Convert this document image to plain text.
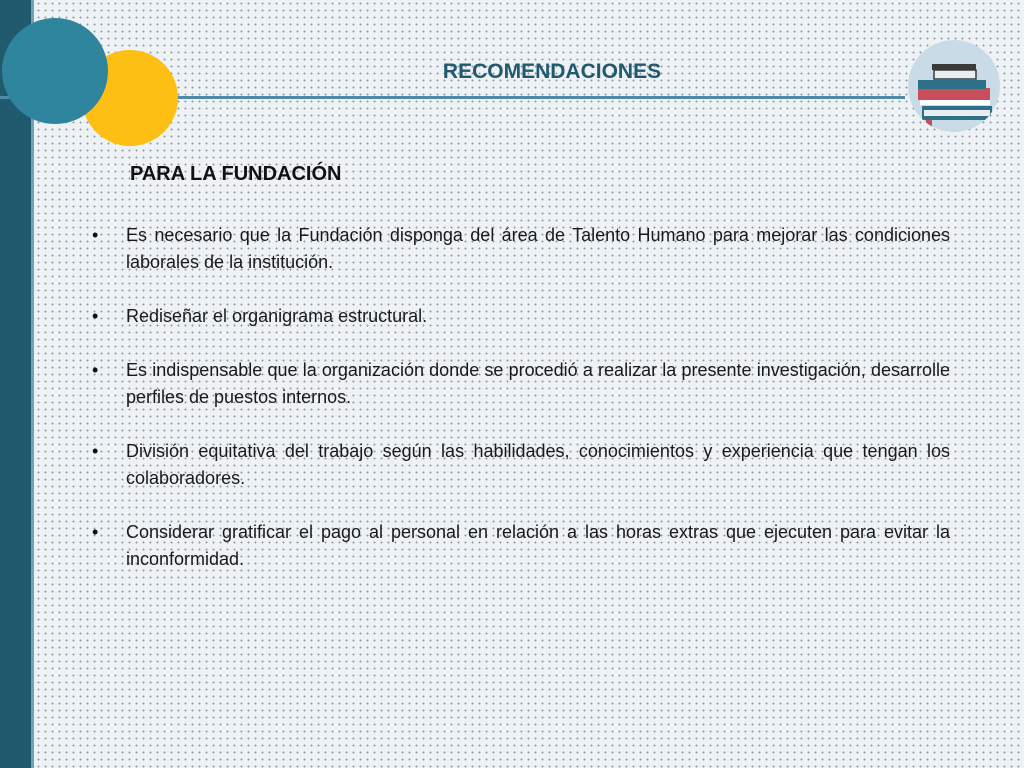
RECOMENDACIONES
PARA LA FUNDACIÓN
•	Es necesario que la Fundación disponga del área de Talento Humano para mejorar las condiciones laborales de la institución.
•	Rediseñar el organigrama estructural.
•	Es indispensable que la organización donde se procedió a realizar la presente investigación, desarrolle perfiles de puestos internos.
•	División equitativa del trabajo según las habilidades, conocimientos y experiencia que tengan los colaboradores.
•	Considerar gratificar el pago al personal en relación a las horas extras que ejecuten para evitar la inconformidad.
